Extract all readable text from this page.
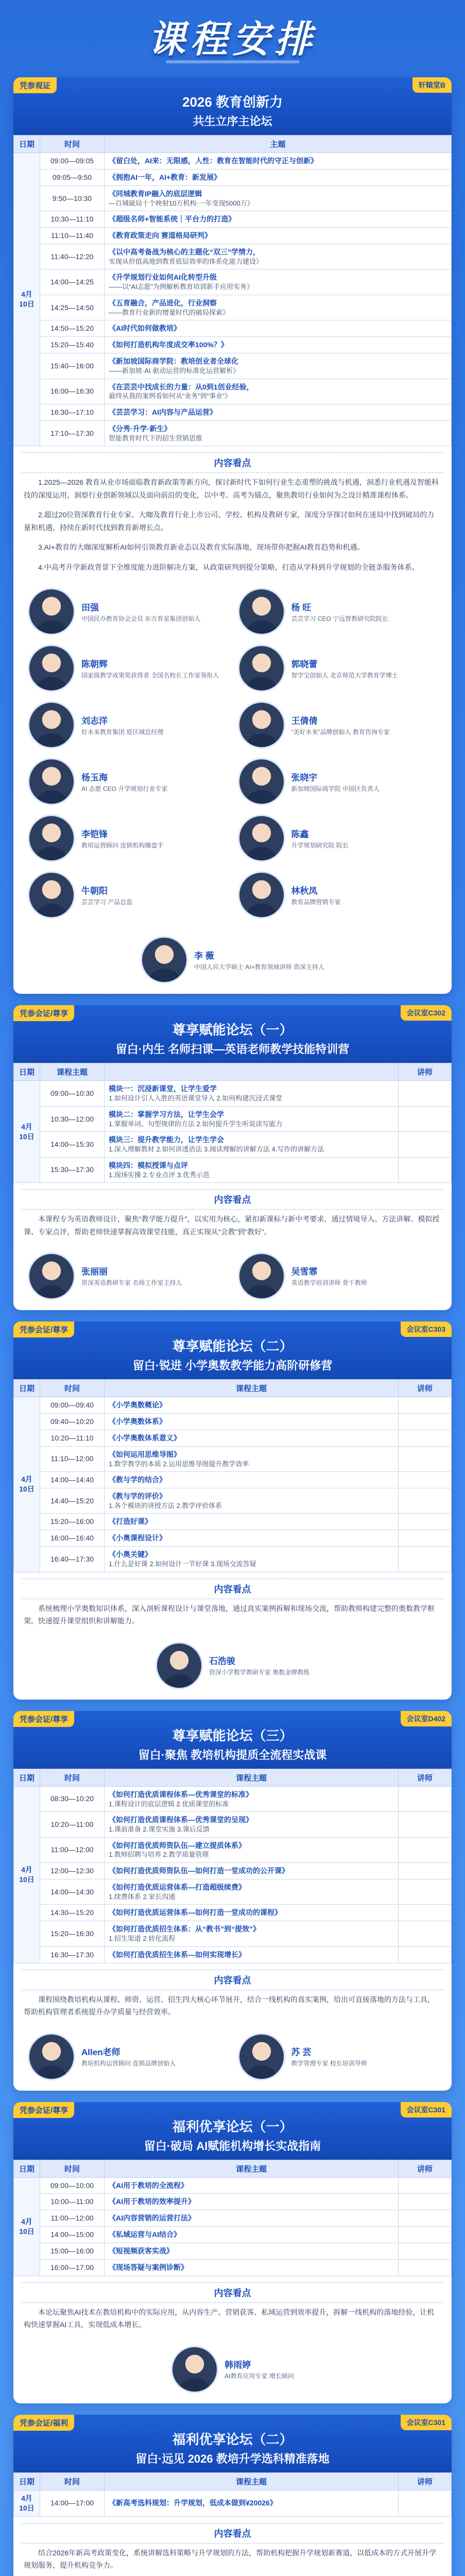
课程安排
凭参观证	轩辕堂B
2026 教育创新力
共生立序主论坛
日期	时间	主题
4月10日	09:00—09:05	《留白处，AI来：无限感，人性：教育在智能时代的守正与创新》

	09:05—9:50	《拥抱AI一年，AI+教育：新发展》

	9:50—10:30	《同城教育IP融入的底层逻辑
—百城破局十个映射10万机构·一年变现5000万》

	10:30—11:10	《超级名师+智能系统｜平台力的打造》

	11:10—11:40	《教育政策走向 赛道格局研判》

	11:40—12:20	《以中高考备战为核心的主题化“双三”学情力，
实现从价值高地到教育底层效率的体系化能力建设》

	14:00—14:25	《升学规划行业如何AI化转型升级
——以“AI志愿”为例解析教育培训新手应用实务》

	14:25—14:50	《五育融合，产品进化，行业洞察
——教育行业新的增量时代的破局探索》

	14:50—15:20	《AI时代如何做教培》

	15:20—15:40	《如何打造机构年度成交率100%？》

	15:40—16:00	《新加坡国际商学院：教培创业者全球化
——新加坡·AI 驱动运营的标准化运营解析》

	16:00—16:30	《在芸芸中找成长的力量：从0到1创业经验，
最终从我的案例看如何从“业务”到“事业”》

	16:30—17:10	《芸芸学习：AI内容与产品运营》

	17:10—17:30	《分秀·升学·新生》
智能教育时代下的招生营销思维
内容看点
1.2025—2026 教育从业市场面临教育新政策等新方向，探讨新时代下如何行业生态重塑的挑战与机遇，洞悉行业机遇及智能科技的深度运用，洞察行业创新领域以及面向前沿的变化，以中考、高考为锚点，聚焦教培行业如何为之设计精准课程体系。
2.超过20位资深教育行业专家、大咖及教育行业上市公司、学校、机构及教研专家，深度分享探讨如何在迷局中找到破局的力量和机遇，持续在新时代找到教育新增长点。
3.AI+教育的大咖深度解析AI如何引领教育新业态以及教育实际落地，现场带你把握AI教育趋势和机遇。
4.中高考升学新政背景下全维度能力进阶解决方案，从政策研判到提分策略，打造从学科到升学规划的全链条服务体系。
田强
中国民办教育协会会员 东方育星集团创始人
杨 旺
芸芸学习 CEO 宁远智教研究院院长
陈朝辉
国家级教学成果奖获得者 全国名校长工作室领衔人
郭晓蕾
智学宝创始人 北京师范大学教育学博士
刘志洋
好未来教育集团 原区域总经理
王倩倩
“美好未来”品牌创始人 教育咨询专家
杨玉海
AI 志愿 CEO 升学规划行业专家
张晓宇
新加坡国际商学院 中国区负责人
李铠锋
教培运营顾问 连锁机构操盘手
陈鑫
升学规划研究院 院长
牛朝阳
芸芸学习 产品总监
林秋凤
教育品牌营销专家
李 薇
中国人民大学硕士 AI+教育领域讲师 资深主持人
凭参会证/尊享	会议室C302
尊享赋能论坛（一）
留白·内生 名师扫课—英语老师教学技能特训营
日期	课程主题		讲师
4月10日	09:00—10:30	模块一：沉浸新课堂，让学生爱学
1.如何设计引人入胜的英语课堂导入 2.如何构建沉浸式课堂	

	10:30—12:00	模块二：掌握学习方法，让学生会学
1.掌握单词、句型规律的方法 2.如何提升学生听说读写能力	

	14:00—15:30	模块三：提升教学能力，让学生学会
1.深入理解教材 2.如何讲透语法 3.阅读理解的讲解方法 4.写作的讲解方法	

	15:30—17:30	模块四：模拟授课与点评
1.现场实操 2.专业点评 3.优秀示范	

内容看点
本课程专为英语教师设计，聚焦“教学能力提升”，以实用为核心，紧扣新课标与新中考要求，通过情境导入、方法讲解、模拟授课、专家点评，帮助老师快速掌握高效课堂技能，真正实现从“会教”到“教好”。
张丽丽
资深英语教研专家 名师工作室主持人
吴雪霏
英语教学培训讲师 骨干教师
凭参会证/尊享	会议室C303
尊享赋能论坛（二）
留白·锐进 小学奥数教学能力高阶研修营
日期	时间	课程主题	讲师
4月10日	09:00—09:40	《小学奥数概论》	

	09:40—10:20	《小学奥数体系》	

	10:20—11:10	《小学奥数体系意义》	

	11:10—12:00	《如何运用思维导图》
1.数学教学的本质 2.运用思维导图提升教学效率	

	14:00—14:40	《教与学的结合》	

	14:40—15:20	《教与学的评价》
1.各个模块的讲授方法 2.教学评价体系	

	15:20—16:00	《打造好课》	

	16:00—16:40	《小奥课程设计》	

	16:40—17:30	《小奥关键》
1.什么是好课 2.如何设计一节好课 3.现场交流答疑	

内容看点
系统梳理小学奥数知识体系，深入剖析课程设计与课堂落地，通过真实案例拆解和现场交流，帮助教师构建完整的奥数教学框架，快速提升课堂组织和讲解能力。
石浩骏
资深小学数学教研专家 奥数金牌教练
凭参会证/尊享	会议室D402
尊享赋能论坛（三）
留白·聚焦 教培机构提质全流程实战课
日期	时间	课程主题	讲师
4月10日	08:30—10:20	《如何打造优质课程体系—优秀课堂的标准》
1.课程设计的底层逻辑 2.优质课堂的标准	

	10:20—11:00	《如何打造优质课程体系—优秀课堂的呈现》
1.课前准备 2.课堂实施 3.课后反馈	

	11:00—12:00	《如何打造优质师资队伍—建立提质体系》
1.教师招聘与培养 2.教学质量管理	

	12:00—12:30	《如何打造优质师资队伍—如何打造一堂成功的公开课》	

	14:00—14:30	《如何打造优质运营体系—打造超级续费》
1.续费体系 2.家长沟通	

	14:30—15:20	《如何打造优质运营体系—如何打造一堂成功的课程》	

	15:20—16:30	《如何打造优质招生体系：从“教书”到“提效”》
1.招生渠道 2.转化流程	

	16:30—17:30	《如何打造优质招生体系—如何实现增长》	

内容看点
课程围绕教培机构从课程、师资、运营、招生四大核心环节展开，结合一线机构的真实案例，给出可直接落地的方法与工具，帮助机构管理者系统提升办学质量与经营效率。
Allen老师
教培机构运营顾问 连锁品牌创始人
苏 芸
教学管理专家 校长培训导师
凭参会证/尊享	会议室C301
福利优享论坛（一）
留白·破局 AI赋能机构增长实战指南
日期	时间	课程主题	讲师
4月10日	09:00—10:00	《AI用于教培的全流程》	

	10:00—11:00	《AI用于教培的效率提升》	

	11:00—12:00	《AI内容营销的运营打法》	

	14:00—15:00	《私域运营与AI结合》	

	15:00—16:00	《短视频获客实战》	

	16:00—17:00	《现场答疑与案例诊断》	

内容看点
本论坛聚焦AI技术在教培机构中的实际应用，从内容生产、营销获客、私域运营到效率提升，拆解一线机构的落地经验，让机构快速掌握AI工具，实现低成本增长。
韩雨婷
AI教育应用专家 增长顾问
凭参会证/福利	会议室C301
福利优享论坛（二）
留白·远见 2026 教培升学选科精准落地
日期	时间	课程主题	讲师
4月10日	14:00—17:00	《新高考选科规划：升学规划，低成本做到¥20026》	

内容看点
结合2026年新高考政策变化，系统讲解选科策略与升学规划的方法，帮助机构把握升学规划新赛道，以低成本的方式开展升学规划服务，提升机构竞争力。
